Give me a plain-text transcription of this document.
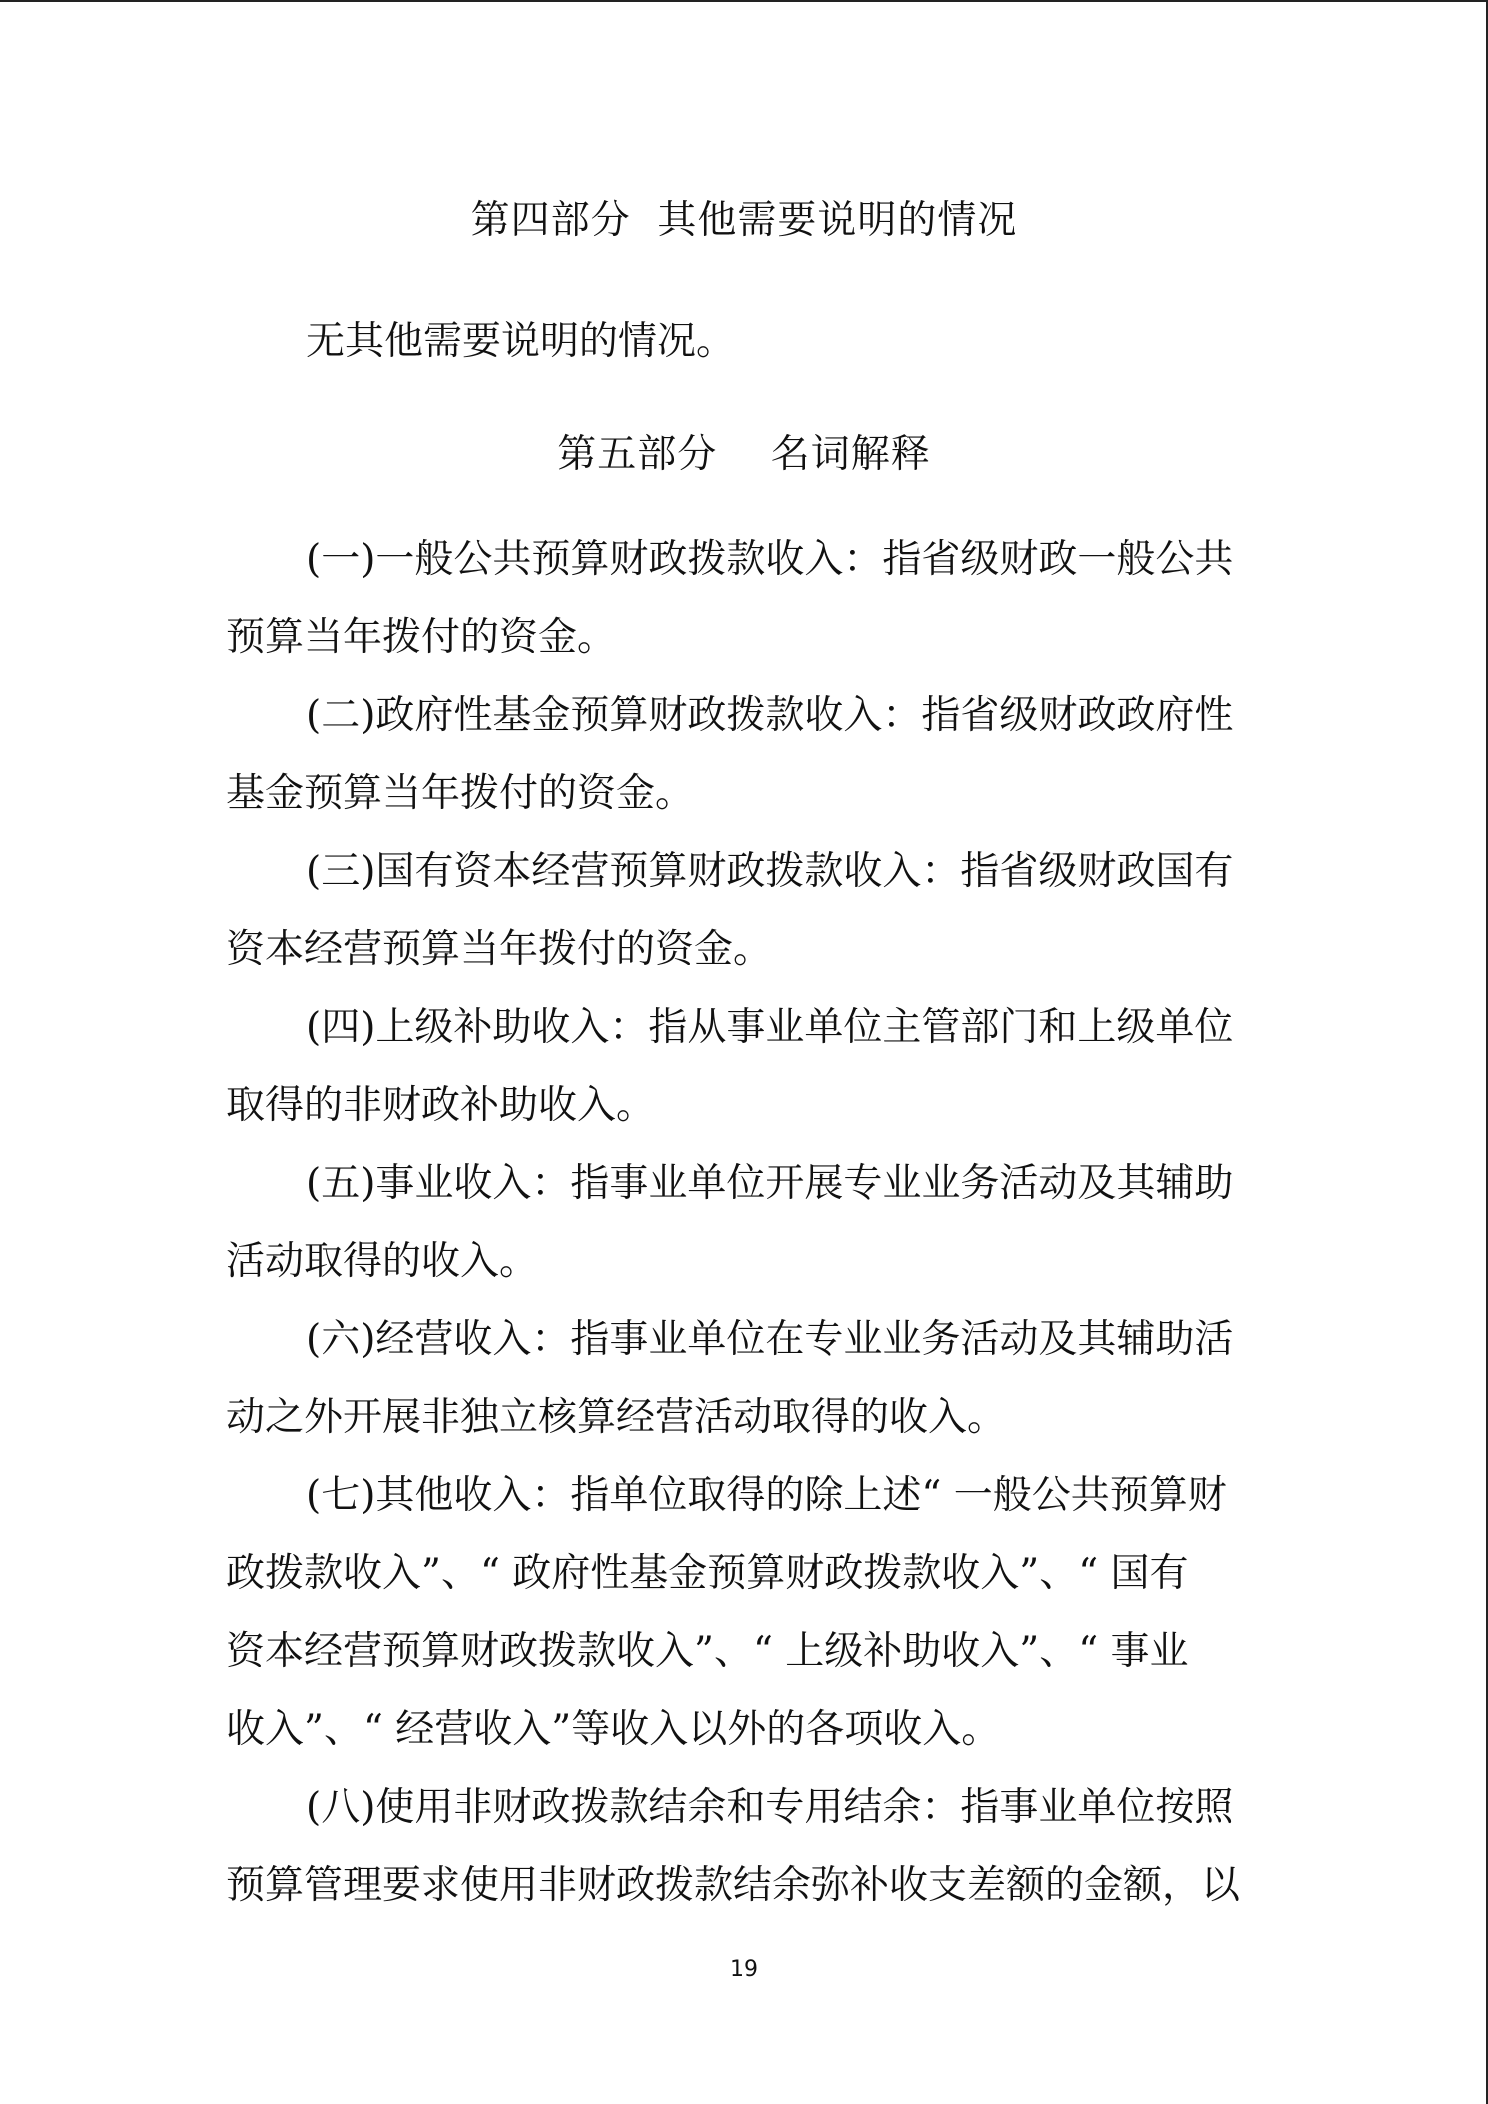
第四部分  其他需要说明的情况

无其他需要说明的情况。

第五部分    名词解释

(一)一般公共预算财政拨款收入：指省级财政一般公共

预算当年拨付的资金。

(二)政府性基金预算财政拨款收入：指省级财政政府性

基金预算当年拨付的资金。

(三)国有资本经营预算财政拨款收入：指省级财政国有

资本经营预算当年拨付的资金。

(四)上级补助收入：指从事业单位主管部门和上级单位

取得的非财政补助收入。

(五)事业收入：指事业单位开展专业业务活动及其辅助

活动取得的收入。

(六)经营收入：指事业单位在专业业务活动及其辅助活

动之外开展非独立核算经营活动取得的收入。

(七)其他收入：指单位取得的除上述“ 一般公共预算财

政拨款收入”、“ 政府性基金预算财政拨款收入”、“ 国有

资本经营预算财政拨款收入”、“ 上级补助收入”、“ 事业

收入”、“ 经营收入”等收入以外的各项收入。

(八)使用非财政拨款结余和专用结余：指事业单位按照

预算管理要求使用非财政拨款结余弥补收支差额的金额，以

19
